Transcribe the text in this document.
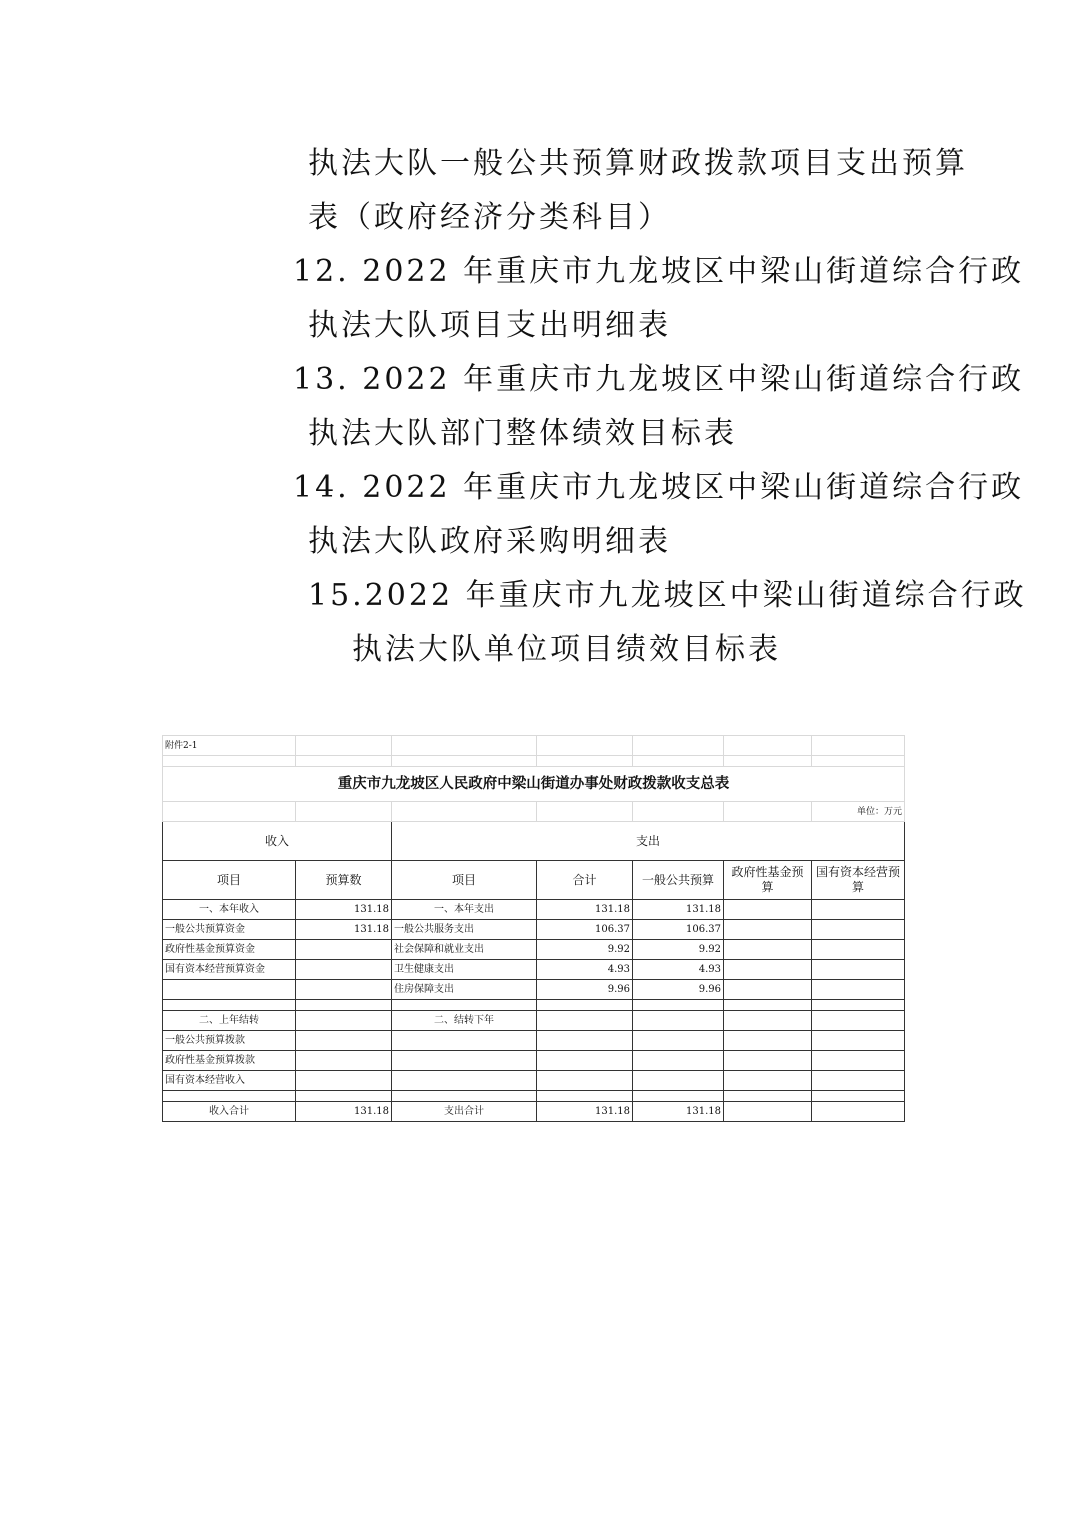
执法大队一般公共预算财政拨款项目支出预算
表（政府经济分类科目）
12. 2022 年重庆市九龙坡区中梁山街道综合行政
执法大队项目支出明细表
13. 2022 年重庆市九龙坡区中梁山街道综合行政
执法大队部门整体绩效目标表
14. 2022 年重庆市九龙坡区中梁山街道综合行政
执法大队政府采购明细表
15.2022 年重庆市九龙坡区中梁山街道综合行政
执法大队单位项目绩效目标表
附件2-1						

重庆市九龙坡区人民政府中梁山街道办事处财政拨款收支总表						
						单位：万元
收入		支出				
项目	预算数	项目	合计	一般公共预算	政府性基金预算	国有资本经营预算
一、本年收入	131.18	一、本年支出	131.18	131.18		
一般公共预算资金	131.18	一般公共服务支出	106.37	106.37		
政府性基金预算资金		社会保障和就业支出	9.92	9.92		
国有资本经营预算资金		卫生健康支出	4.93	4.93		
		住房保障支出	9.96	9.96		

二、上年结转		二、结转下年				
一般公共预算拨款						
政府性基金预算拨款						
国有资本经营收入						

收入合计	131.18	支出合计	131.18	131.18		
